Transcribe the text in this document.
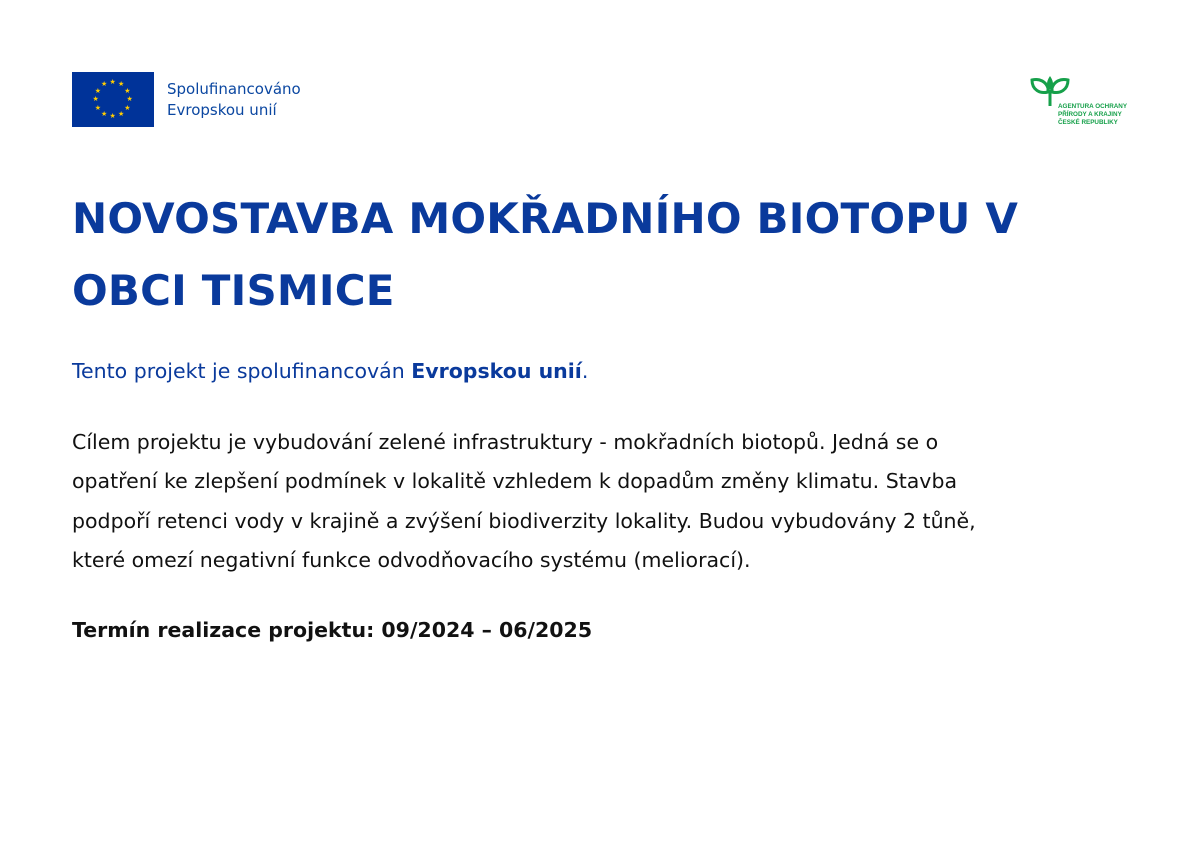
★ ★
★
★
★
★
★
★
★
★
★
★	Spolufinancováno
Evropskou unií	AGENTURA OCHRANY
PŘÍRODY A KRAJINY
ČESKÉ REPUBLIKY
NOVOSTAVBA MOKŘADNÍHO BIOTOPU V
OBCI TISMICE
Tento projekt je spolufinancován Evropskou unií.
Cílem projektu je vybudování zelené infrastruktury - mokřadních biotopů. Jedná se o
opatření ke zlepšení podmínek v lokalitě vzhledem k dopadům změny klimatu. Stavba
podpoří retenci vody v krajině a zvýšení biodiverzity lokality. Budou vybudovány 2 tůně,
které omezí negativní funkce odvodňovacího systému (meliorací).
Termín realizace projektu: 09/2024 – 06/2025
